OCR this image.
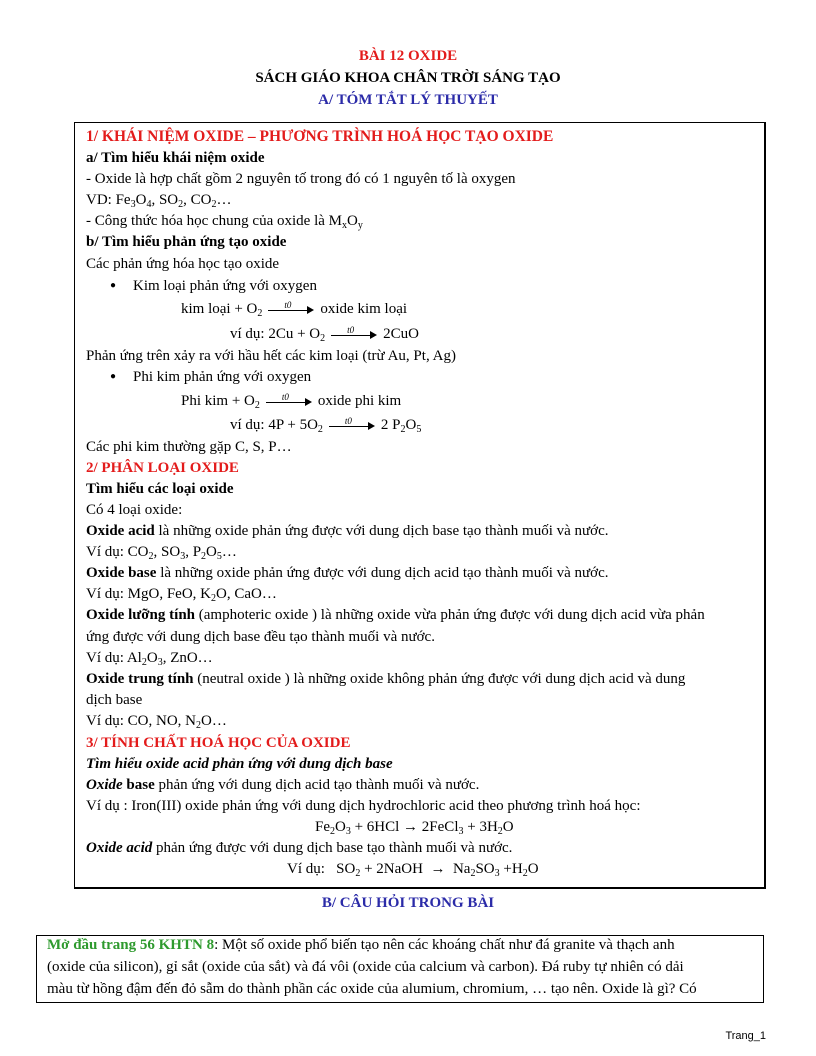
BÀI 12 OXIDE
SÁCH GIÁO KHOA CHÂN TRỜI SÁNG TẠO
A/ TÓM TẮT LÝ THUYẾT
1/ KHÁI NIỆM OXIDE – PHƯƠNG TRÌNH HOÁ HỌC TẠO OXIDE
a/ Tìm hiểu khái niệm oxide
- Oxide là hợp chất gồm 2 nguyên tố trong đó có 1 nguyên tố là oxygen
VD: $Fe_3O_4$, $SO_2$, $CO_2\dots$
- Công thức hóa học chung của oxide là $M_xO_y$
b/ Tìm hiểu phản ứng tạo oxide
Các phản ứng hóa học tạo oxide
● Kim loại phản ứng với oxygen
kim loại + $O_2$
t0 oxide kim loại
ví dụ: $2Cu + O_2$
t0 2CuO
Phản ứng trên xảy ra với hầu hết các kim loại (trừ Au, Pt, Ag)
● Phi kim phản ứng với oxygen
Phi kim + $O_2$
t0 oxide phi kim
ví dụ: $4P + 5O_2$
t0 2 $P_2O_5$
Các phi kim thường gặp C, S, P…
2/ PHÂN LOẠI OXIDE
Tìm hiểu các loại oxide
Có 4 loại oxide:
Oxide acid là những oxide phản ứng được với dung dịch base tạo thành muối và nước.
Ví dụ: $CO_2$, $SO_3$, $P_2O_5\dots$
Oxide base là những oxide phản ứng được với dung dịch acid tạo thành muối và nước.
Ví dụ: MgO, FeO, $K_2O$, CaO…
Oxide lưỡng tính (amphoteric oxide ) là những oxide vừa phản ứng được với dung dịch acid vừa phản
ứng được với dung dịch base đều tạo thành muối và nước.
Ví dụ: $Al_2O_3$, ZnO…
Oxide trung tính (neutral oxide ) là những oxide không phản ứng được với dung dịch acid và dung
dịch base
Ví dụ: CO, NO, $N_2O\dots$
3/ TÍNH CHẤT HOÁ HỌC CỦA OXIDE
Tìm hiểu oxide acid phản ứng với dung dịch base
Oxide base phản ứng với dung dịch acid tạo thành muối và nước.
Ví dụ : Iron(III) oxide phản ứng với dung dịch hydrochloric acid theo phương trình hoá học:
$Fe_2O_3 + 6HCl$ → 2FeCl$_3$ + $3H_2O$
Oxide acid phản ứng được với dung dịch base tạo thành muối và nước.
Ví dụ:   $SO_2$ + 2NaOH  →  $Na_2SO_3 +H_2O$
B/ CÂU HỎI TRONG BÀI
Mở đầu trang 56 KHTN 8: Một số oxide phổ biến tạo nên các khoáng chất như đá granite và thạch anh
(oxide của silicon), gỉ sắt (oxide của sắt) và đá vôi (oxide của calcium và carbon). Đá ruby tự nhiên có dải
màu từ hồng đậm đến đỏ sẫm do thành phần các oxide của alumium, chromium, … tạo nên. Oxide là gì? Có
Trang_1
